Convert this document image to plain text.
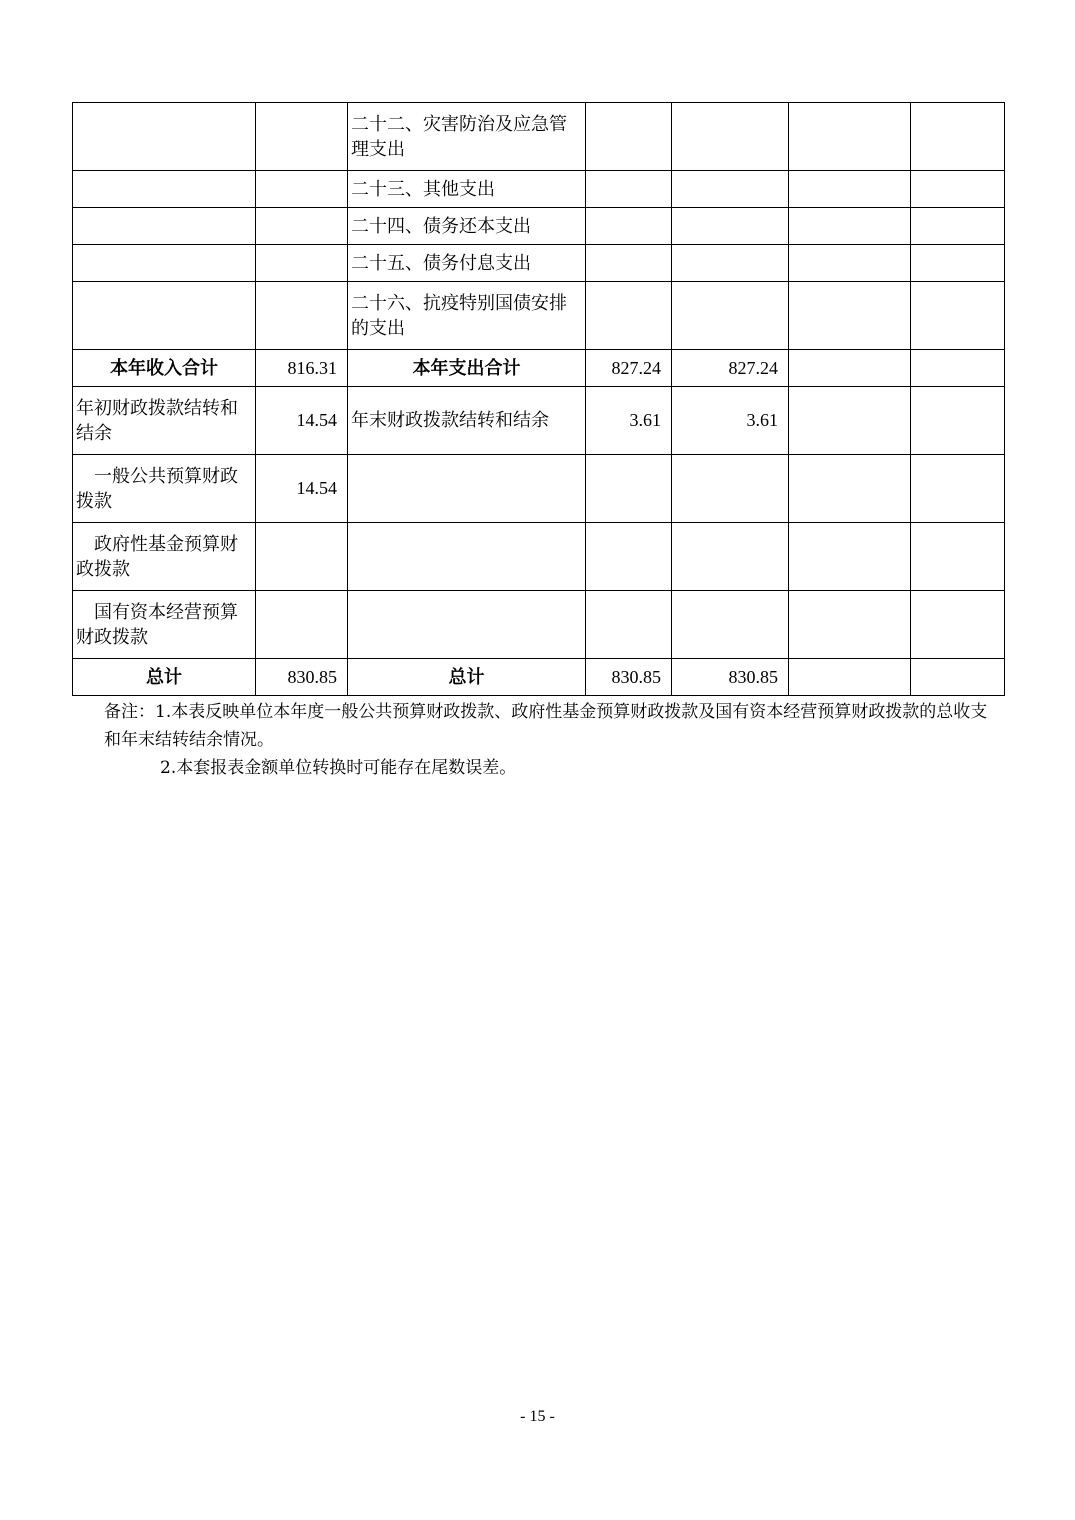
		二十二、灾害防治及应急管理支出				
		二十三、其他支出				
		二十四、债务还本支出				
		二十五、债务付息支出				
		二十六、抗疫特别国债安排的支出				
本年收入合计	816.31	本年支出合计	827.24	827.24		
年初财政拨款结转和结余	14.54	年末财政拨款结转和结余	3.61	3.61		
一般公共预算财政拨款	14.54					
政府性基金预算财政拨款						
国有资本经营预算财政拨款						
总计	830.85	总计	830.85	830.85		

备注：1.本表反映单位本年度一般公共预算财政拨款、政府性基金预算财政拨款及国有资本经营预算财政拨款的总收支和年末结转结余情况。

2.本套报表金额单位转换时可能存在尾数误差。

- 15 -
